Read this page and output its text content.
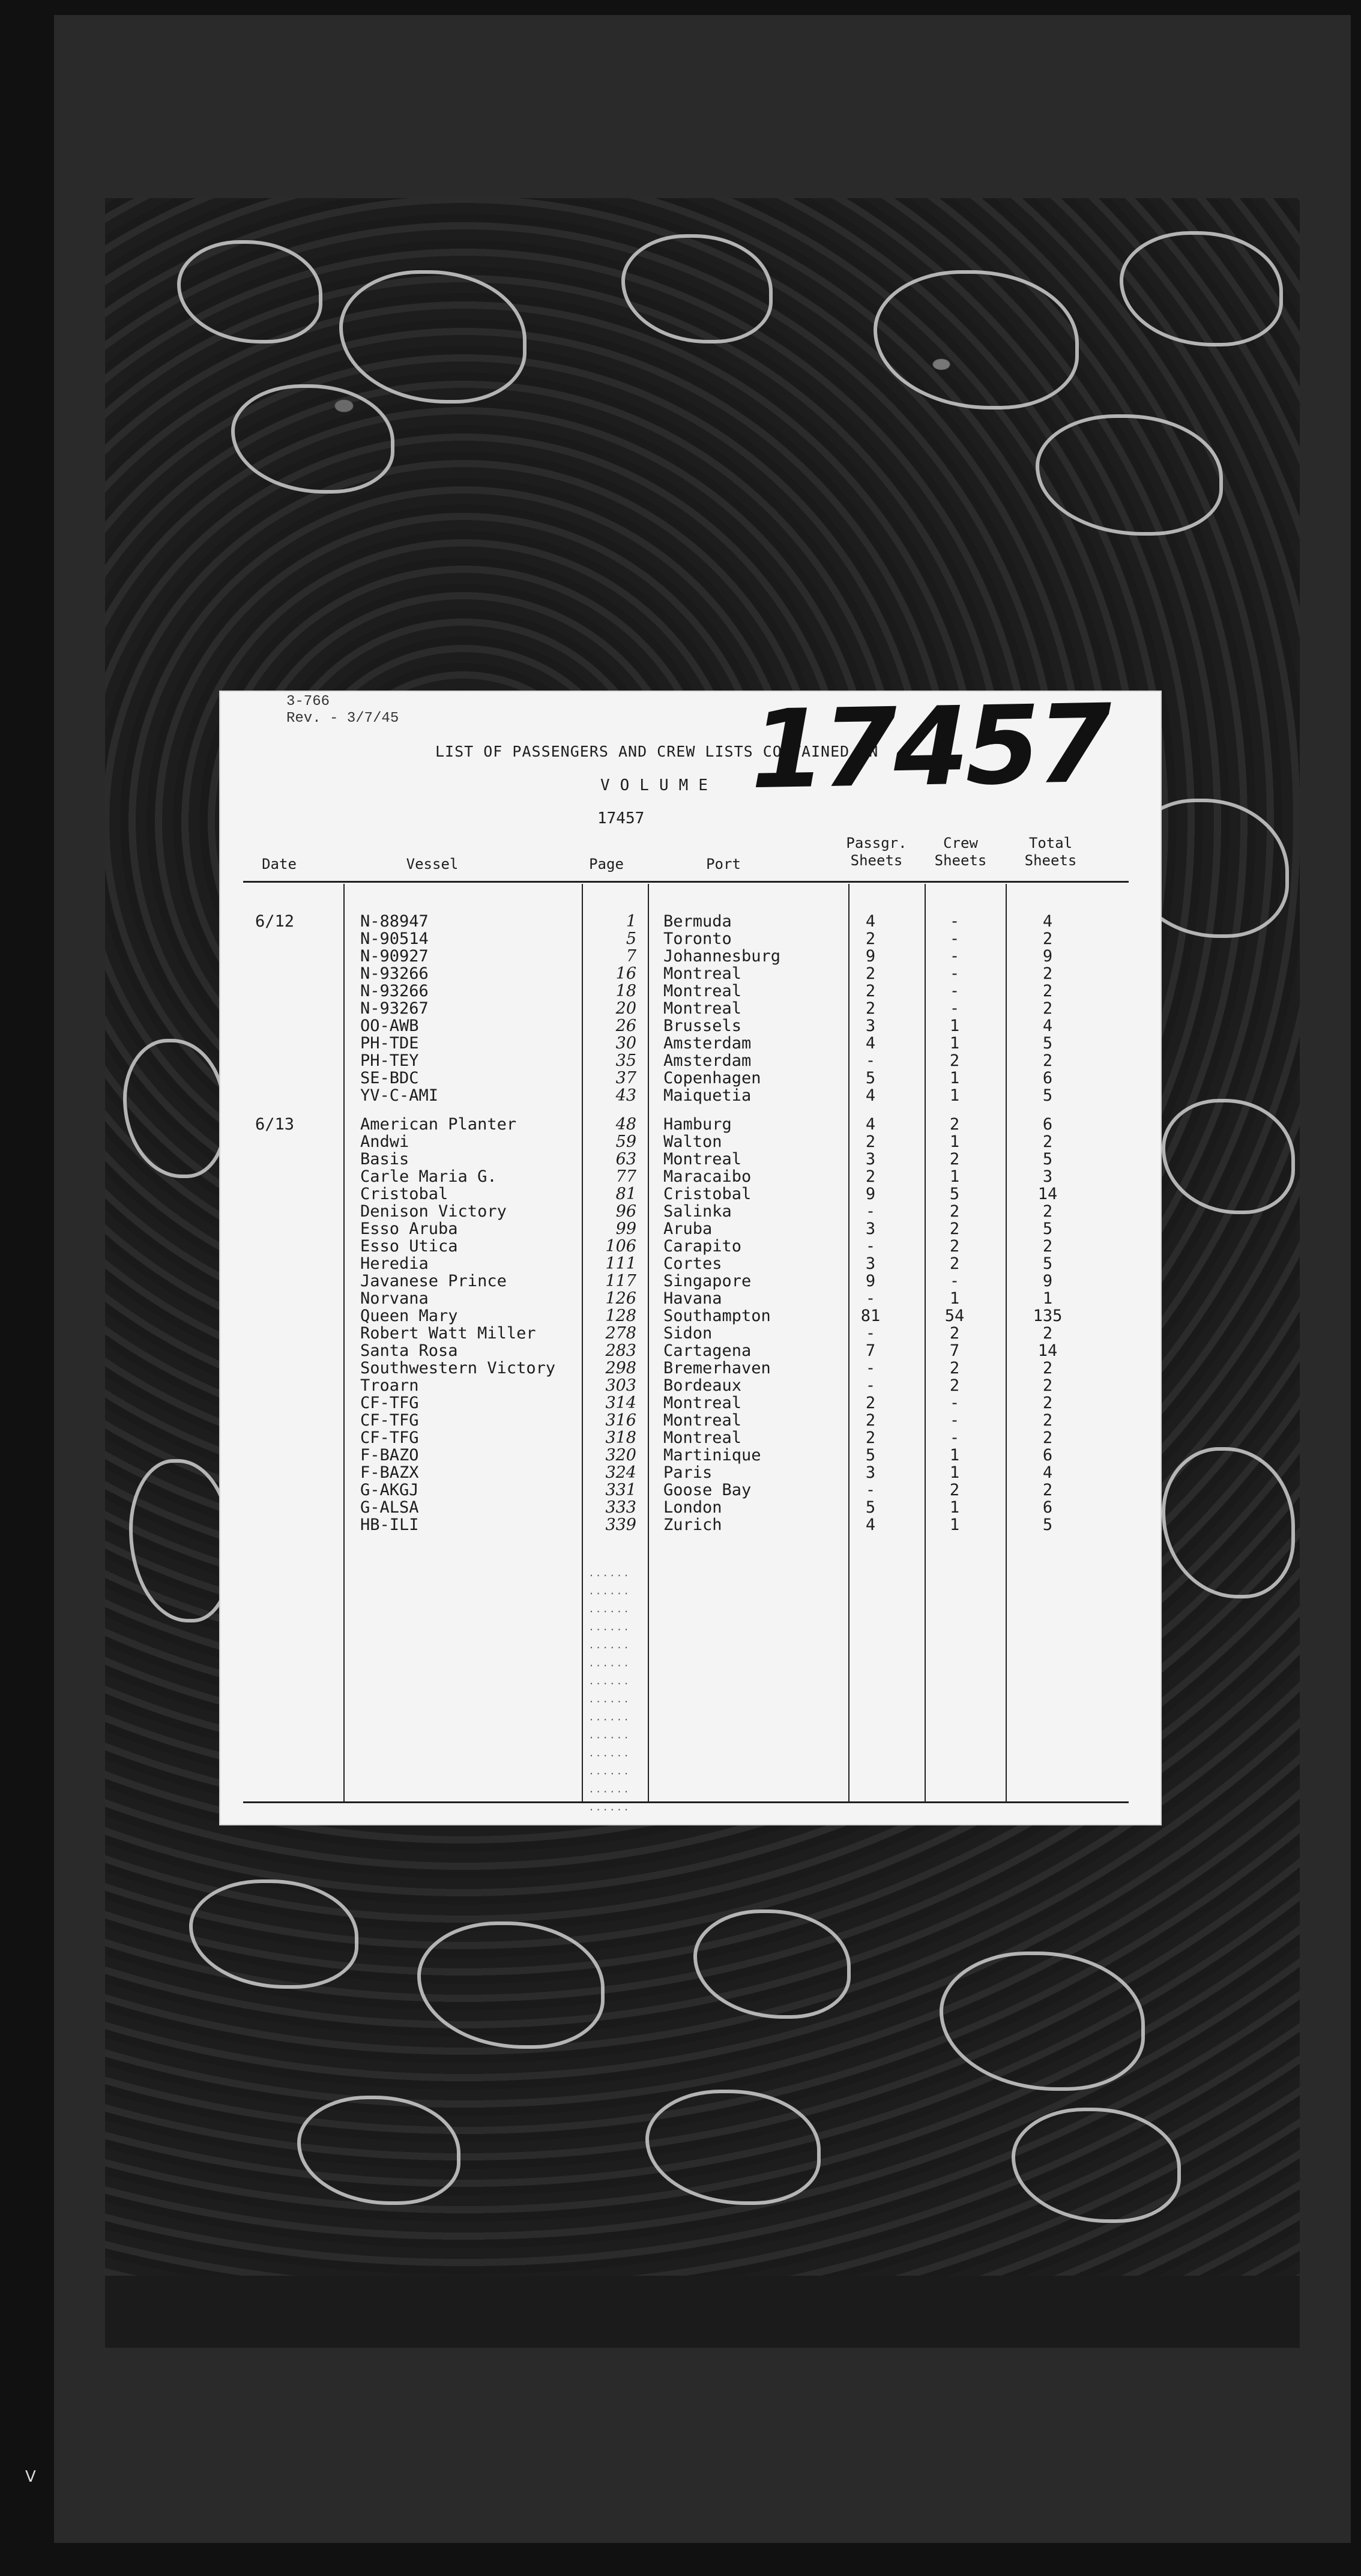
3-766
Rev. - 3/7/45
LIST OF PASSENGERS AND CREW LISTS CONTAINED IN
17457
VOLUME
17457
Date	Vessel	Page	Port
Passgr.
Sheets
Crew
Sheets
Total
Sheets
6/12	N-88947	1 Bermuda	4	-	4
N-90514	5 Toronto	2	-	2
N-90927	7 Johannesburg	9	-	9
N-93266	16 Montreal	2	-	2
N-93266	18 Montreal	2	-	2
N-93267	20 Montreal	2	-	2
OO-AWB	26 Brussels	3	1	4
PH-TDE	30 Amsterdam	4	1	5
PH-TEY	35 Amsterdam	-	2	2
SE-BDC	37 Copenhagen	5	1	6
YV-C-AMI	43 Maiquetia	4	1	5
6/13	American Planter	48 Hamburg	4	2	6
Andwi	59 Walton	2	1	2
Basis	63 Montreal	3	2	5
Carle Maria G.	77 Maracaibo	2	1	3
Cristobal	81 Cristobal	9	5	14
Denison Victory	96 Salinka	-	2	2
Esso Aruba	99 Aruba	3	2	5
Esso Utica	106 Carapito	-	2	2
Heredia	111 Cortes	3	2	5
Javanese Prince	117 Singapore	9	-	9
Norvana	126 Havana	-	1	1
Queen Mary	128 Southampton	81	54	135
Robert Watt Miller	278 Sidon	-	2	2
Santa Rosa	283 Cartagena	7	7	14
Southwestern Victory	298 Bremerhaven	-	2	2
Troarn	303 Bordeaux	-	2	2
CF-TFG	314 Montreal	2	-	2
CF-TFG	316 Montreal	2	-	2
CF-TFG	318 Montreal	2	-	2
F-BAZO	320 Martinique	5	1	6
F-BAZX	324 Paris	3	1	4
G-AKGJ	331 Goose Bay	-	2	2
G-ALSA	333 London	5	1	6
HB-ILI	339 Zurich	4	1	5
......
......
......
......
......
......
......
......
......
......
......
......
......
......
V
